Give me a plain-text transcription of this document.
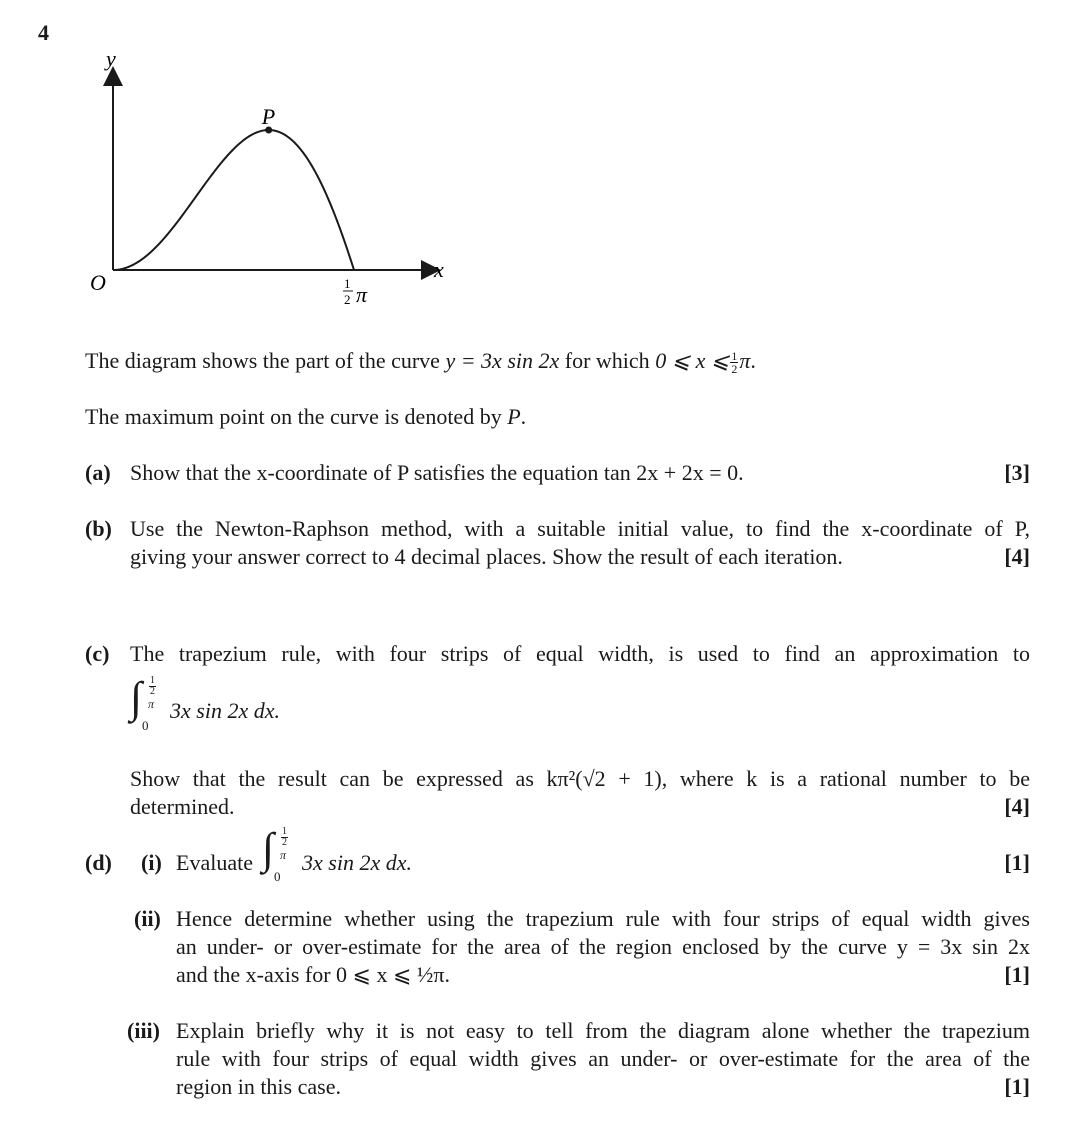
4
y
x
O
P
1
2 π
The diagram shows the part of the curve y = 3x sin 2x for which 0 ⩽ x ⩽ $\frac{1}{2} \pi$.
The maximum point on the curve is denoted by P.
(a) Show that the x-coordinate of P satisfies the equation tan 2x + 2x = 0.	[3]
(b) Use the Newton-Raphson method, with a suitable initial value, to find the x-coordinate of P,
giving your answer correct to 4 decimal places. Show the result of each iteration.	[4]
(c) The trapezium rule, with four strips of equal width, is used to find an approximation to
∫ $\frac{1}{2}$
π
0
3x sin 2x dx.
Show that the result can be expressed as kπ²(√2 + 1), where k is a rational number to be
determined.	[4]
(d) (i) Evaluate ∫ $\frac{1}{2}$
π
0
3x sin 2x dx.	[1]
(ii) Hence determine whether using the trapezium rule with four strips of equal width gives
an under- or over-estimate for the area of the region enclosed by the curve y = 3x sin 2x
and the x-axis for 0 ⩽ x ⩽ ½π.	[1]
(iii) Explain briefly why it is not easy to tell from the diagram alone whether the trapezium
rule with four strips of equal width gives an under- or over-estimate for the area of the
region in this case.	[1]
